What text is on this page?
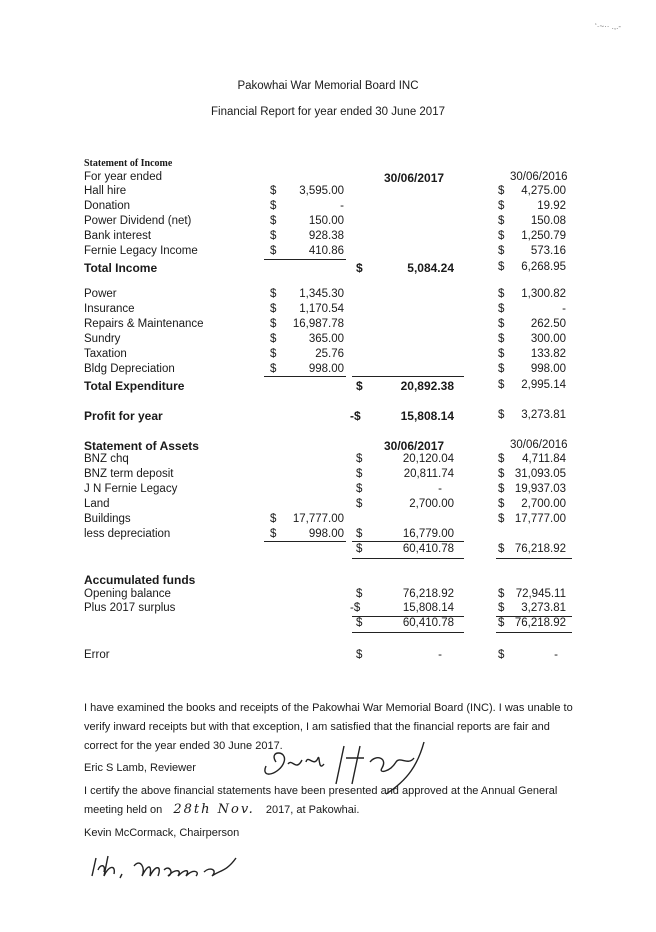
Pakowhai War Memorial Board INC
Financial Report for year ended 30 June 2017
‘·~·· .,.-
Statement of Income
For year ended	30/06/2017	30/06/2016
Hall hire	$	3,595.00	$	4,275.00
Donation	$	-	$	19.92
Power Dividend (net)	$	150.00	$	150.08
Bank interest	$	928.38	$	1,250.79
Fernie Legacy Income	$	410.86	$	573.16
Total Income	$	5,084.24	$	6,268.95
Power	$	1,345.30	$	1,300.82
Insurance	$	1,170.54	$	-
Repairs & Maintenance	$	16,987.78	$	262.50
Sundry	$	365.00	$	300.00
Taxation	$	25.76	$	133.82
Bldg Depreciation	$	998.00	$	998.00
Total Expenditure	$	20,892.38	$	2,995.14
Profit for year	-$	15,808.14	$	3,273.81
Statement of Assets	30/06/2017	30/06/2016
BNZ chq	$	20,120.04	$	4,711.84
BNZ term deposit	$	20,811.74	$ 31,093.05
J N Fernie Legacy	$	-	$ 19,937.03
Land	$	2,700.00	$	2,700.00
Buildings	$	17,777.00	$ 17,777.00
less depreciation	$	998.00 $	16,779.00
$	60,410.78	$ 76,218.92
Accumulated funds
Opening balance	$	76,218.92	$ 72,945.11
Plus 2017 surplus	-$	15,808.14	$	3,273.81
$	60,410.78	$ 76,218.92
Error	$	-	$	-
I have examined the books and receipts of the Pakowhai War Memorial Board (INC). I was unable to
verify inward receipts but with that exception, I am satisfied that the financial reports are fair and
correct for the year ended 30 June 2017.
Eric S Lamb, Reviewer
I certify the above financial statements have been presented and approved at the Annual General
meeting held on 28th Nov. 2017, at Pakowhai.
Kevin McCormack, Chairperson
